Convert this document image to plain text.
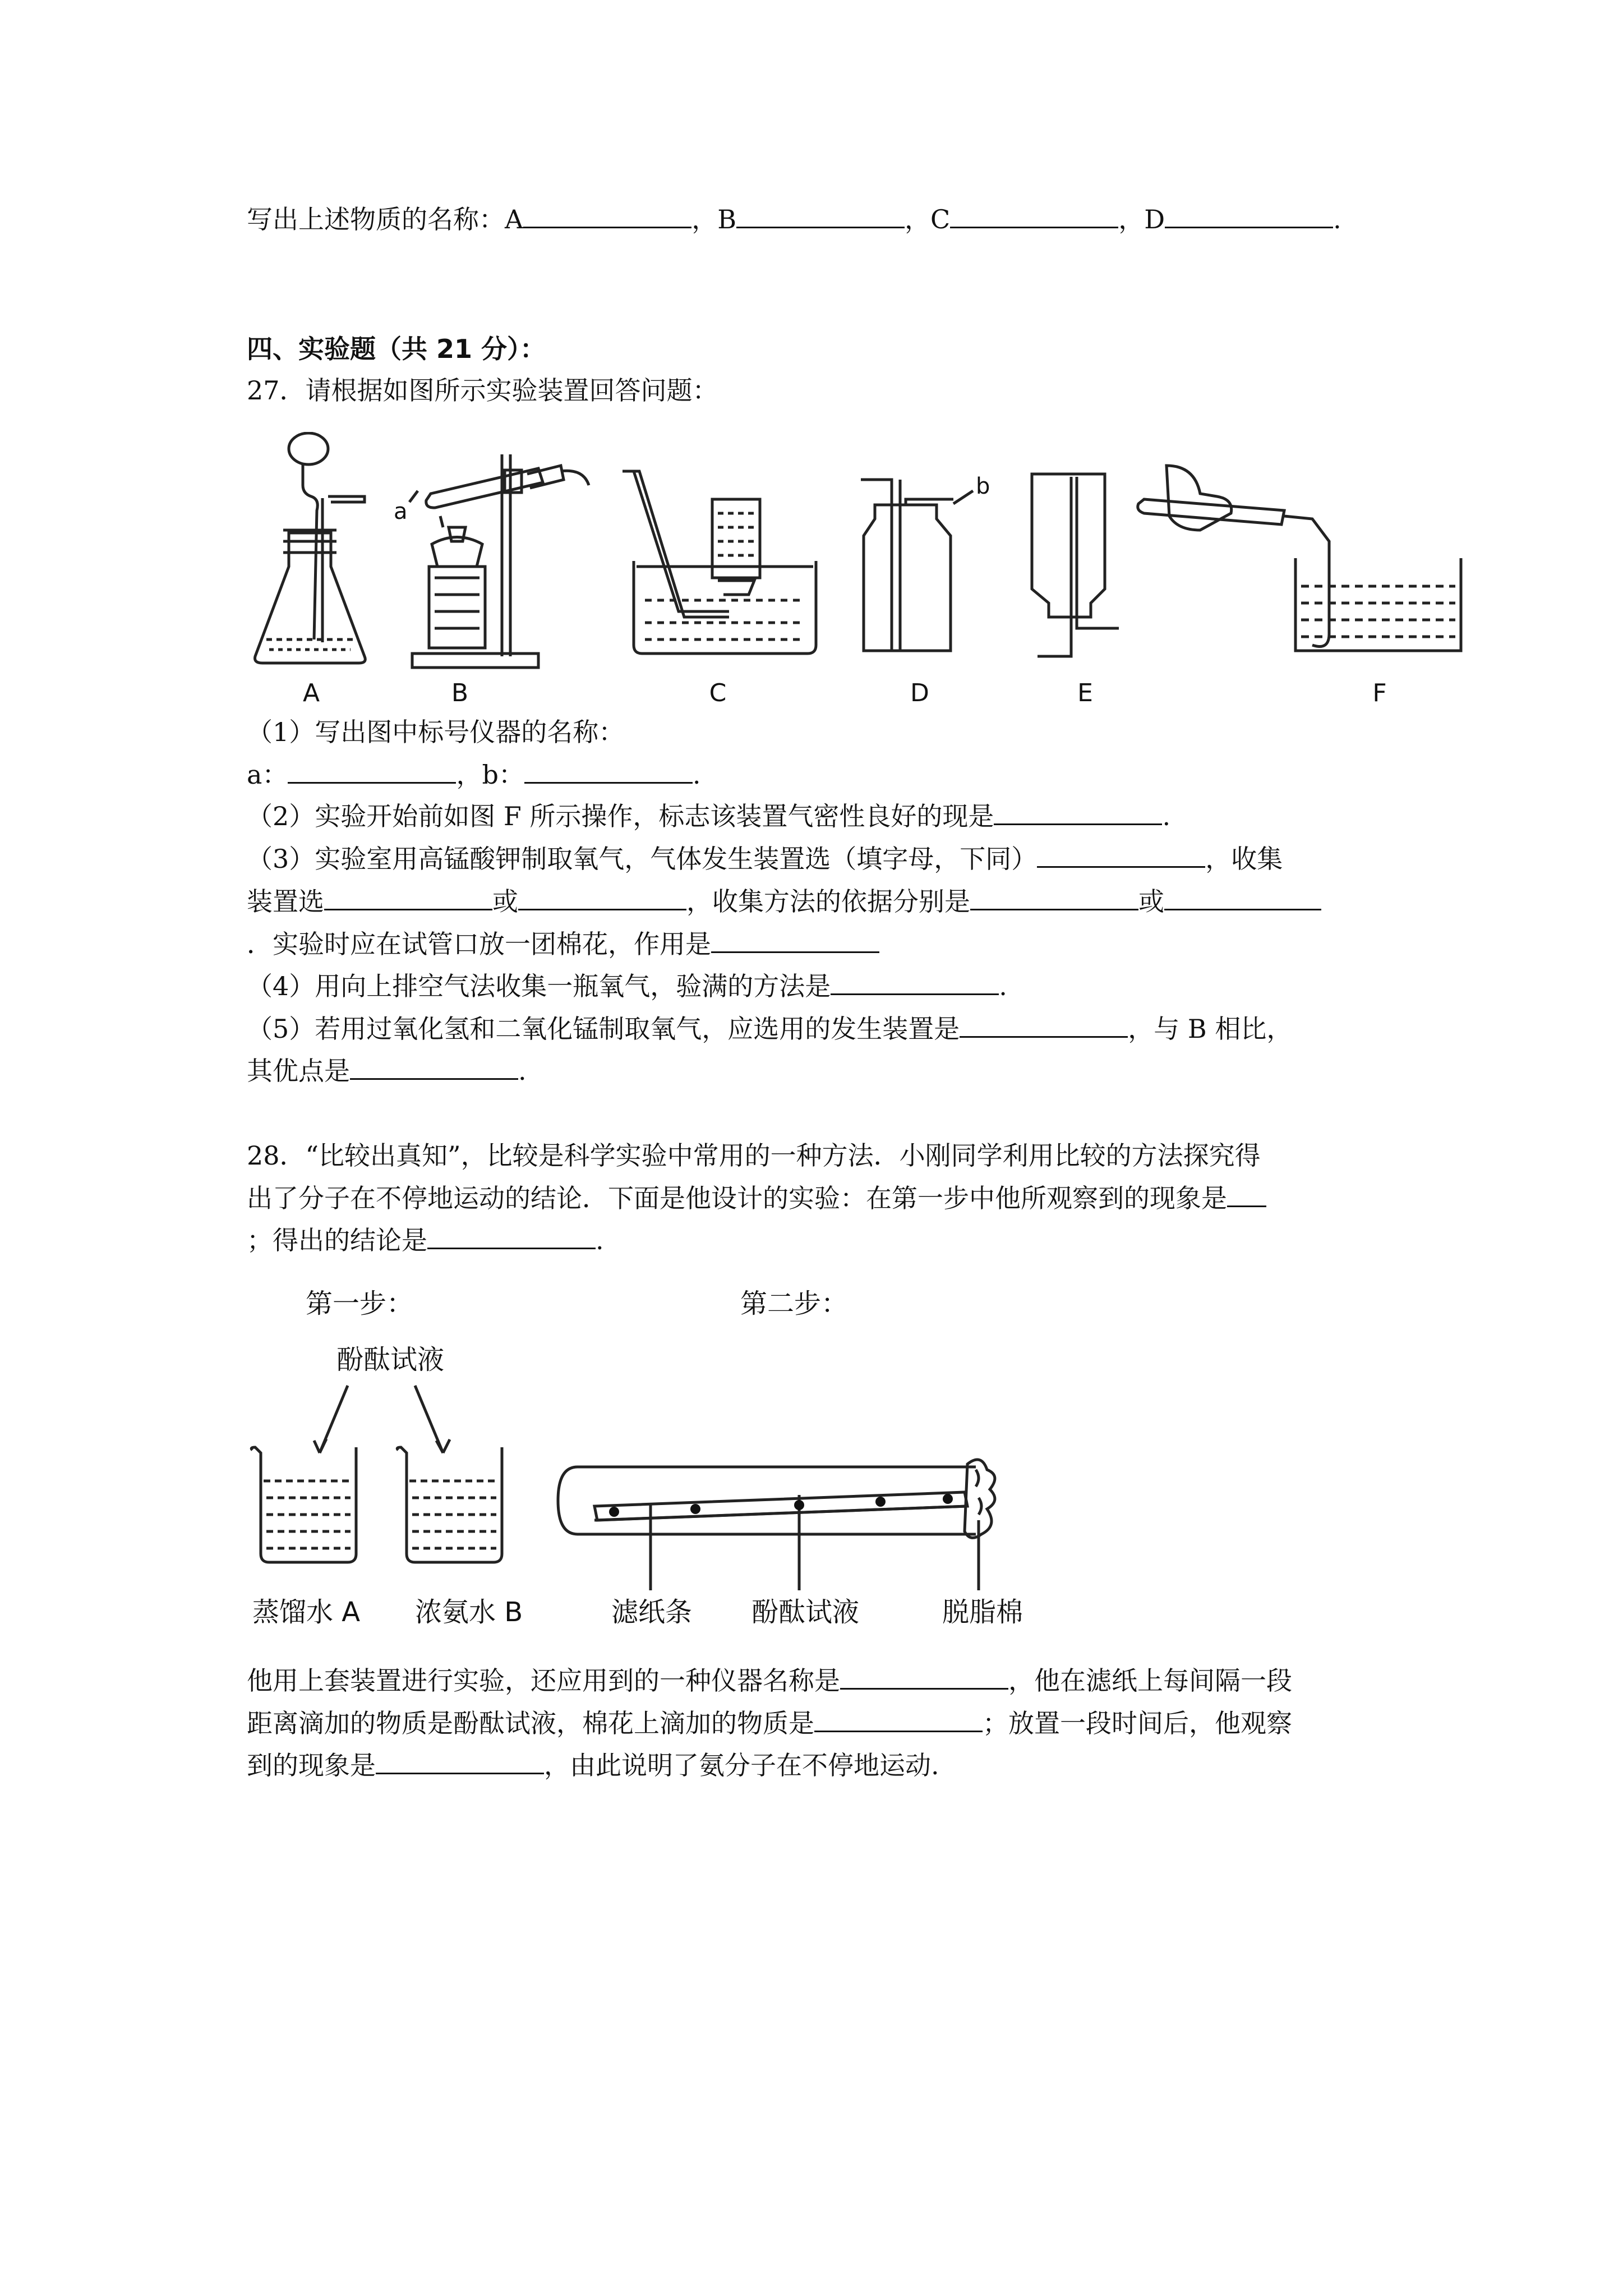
写出上述物质的名称：A	，B	，C	，D	.
四、实验题（共 21 分）：
27．请根据如图所示实验装置回答问题：
a
b
A	B	C	D	E	F
（1）写出图中标号仪器的名称：
a：	，b：	.
（2）实验开始前如图 F 所示操作，标志该装置气密性良好的现是	.
（3）实验室用高锰酸钾制取氧气，气体发生装置选（填字母，下同）	，收集
装置选	或	，收集方法的依据分别是	或
．实验时应在试管口放一团棉花，作用是
（4）用向上排空气法收集一瓶氧气，验满的方法是	.
（5）若用过氧化氢和二氧化锰制取氧气，应选用的发生装置是	，与 B 相比，
其优点是	.
28．“比较出真知”，比较是科学实验中常用的一种方法．小刚同学利用比较的方法探究得
出了分子在不停地运动的结论．下面是他设计的实验：在第一步中他所观察到的现象是
；得出的结论是	.
第一步：	第二步：
酚酞试液
蒸馏水 A 浓氨水 B	滤纸条 酚酞试液	脱脂棉
他用上套装置进行实验，还应用到的一种仪器名称是	，他在滤纸上每间隔一段
距离滴加的物质是酚酞试液，棉花上滴加的物质是	；放置一段时间后，他观察
到的现象是	，由此说明了氨分子在不停地运动.
